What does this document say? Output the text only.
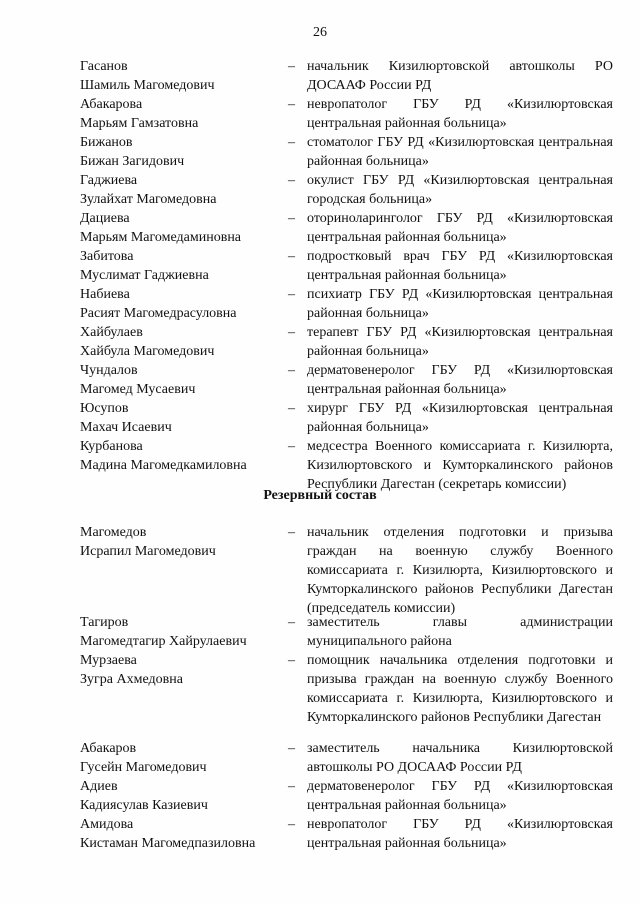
26
Гасанов
Шамиль Магомедович
– начальник Кизилюртовской автошколы РО ДОСААФ России РД
Абакарова
Марьям Гамзатовна
– невропатолог ГБУ РД «Кизилюртовская центральная районная больница»
Бижанов
Бижан Загидович
– стоматолог ГБУ РД «Кизилюртовская центральная районная больница»
Гаджиева
Зулайхат Магомедовна
– окулист ГБУ РД «Кизилюртовская центральная городская больница»
Дациева
Марьям Магомедаминовна
– оториноларинголог ГБУ РД «Кизилюртовская центральная районная больница»
Забитова
Муслимат Гаджиевна
– подростковый врач ГБУ РД «Кизилюртовская центральная районная больница»
Набиева
Расият Магомедрасуловна
– психиатр ГБУ РД «Кизилюртовская центральная районная больница»
Хайбулаев
Хайбула Магомедович
– терапевт ГБУ РД «Кизилюртовская центральная районная больница»
Чундалов
Магомед Мусаевич
– дерматовенеролог ГБУ РД «Кизилюртовская центральная районная больница»
Юсупов
Махач Исаевич
– хирург ГБУ РД «Кизилюртовская центральная районная больница»
Курбанова
Мадина Магомедкамиловна
– медсестра Военного комиссариата г. Кизилюрта, Кизилюртовского и Кумторкалинского районов Республики Дагестан (секретарь комиссии)
Резервный состав
Магомедов
Исрапил Магомедович
– начальник отделения подготовки и призыва граждан на военную службу Военного комиссариата г. Кизилюрта, Кизилюртовского и Кумторкалинского районов Республики Дагестан (председатель комиссии)
Тагиров
Магомедтагир Хайрулаевич
– заместитель главы администрации муниципального района
Мурзаева
Зугра Ахмедовна
– помощник начальника отделения подготовки и призыва граждан на военную службу Военного комиссариата г. Кизилюрта, Кизилюртовского и Кумторкалинского районов Республики Дагестан
Абакаров
Гусейн Магомедович
– заместитель начальника Кизилюртовской автошколы РО ДОСААФ России РД
Адиев
Кадиясулав Казиевич
– дерматовенеролог ГБУ РД «Кизилюртовская центральная районная больница»
Амидова
Кистаман Магомедпазиловна
– невропатолог ГБУ РД «Кизилюртовская центральная районная больница»
